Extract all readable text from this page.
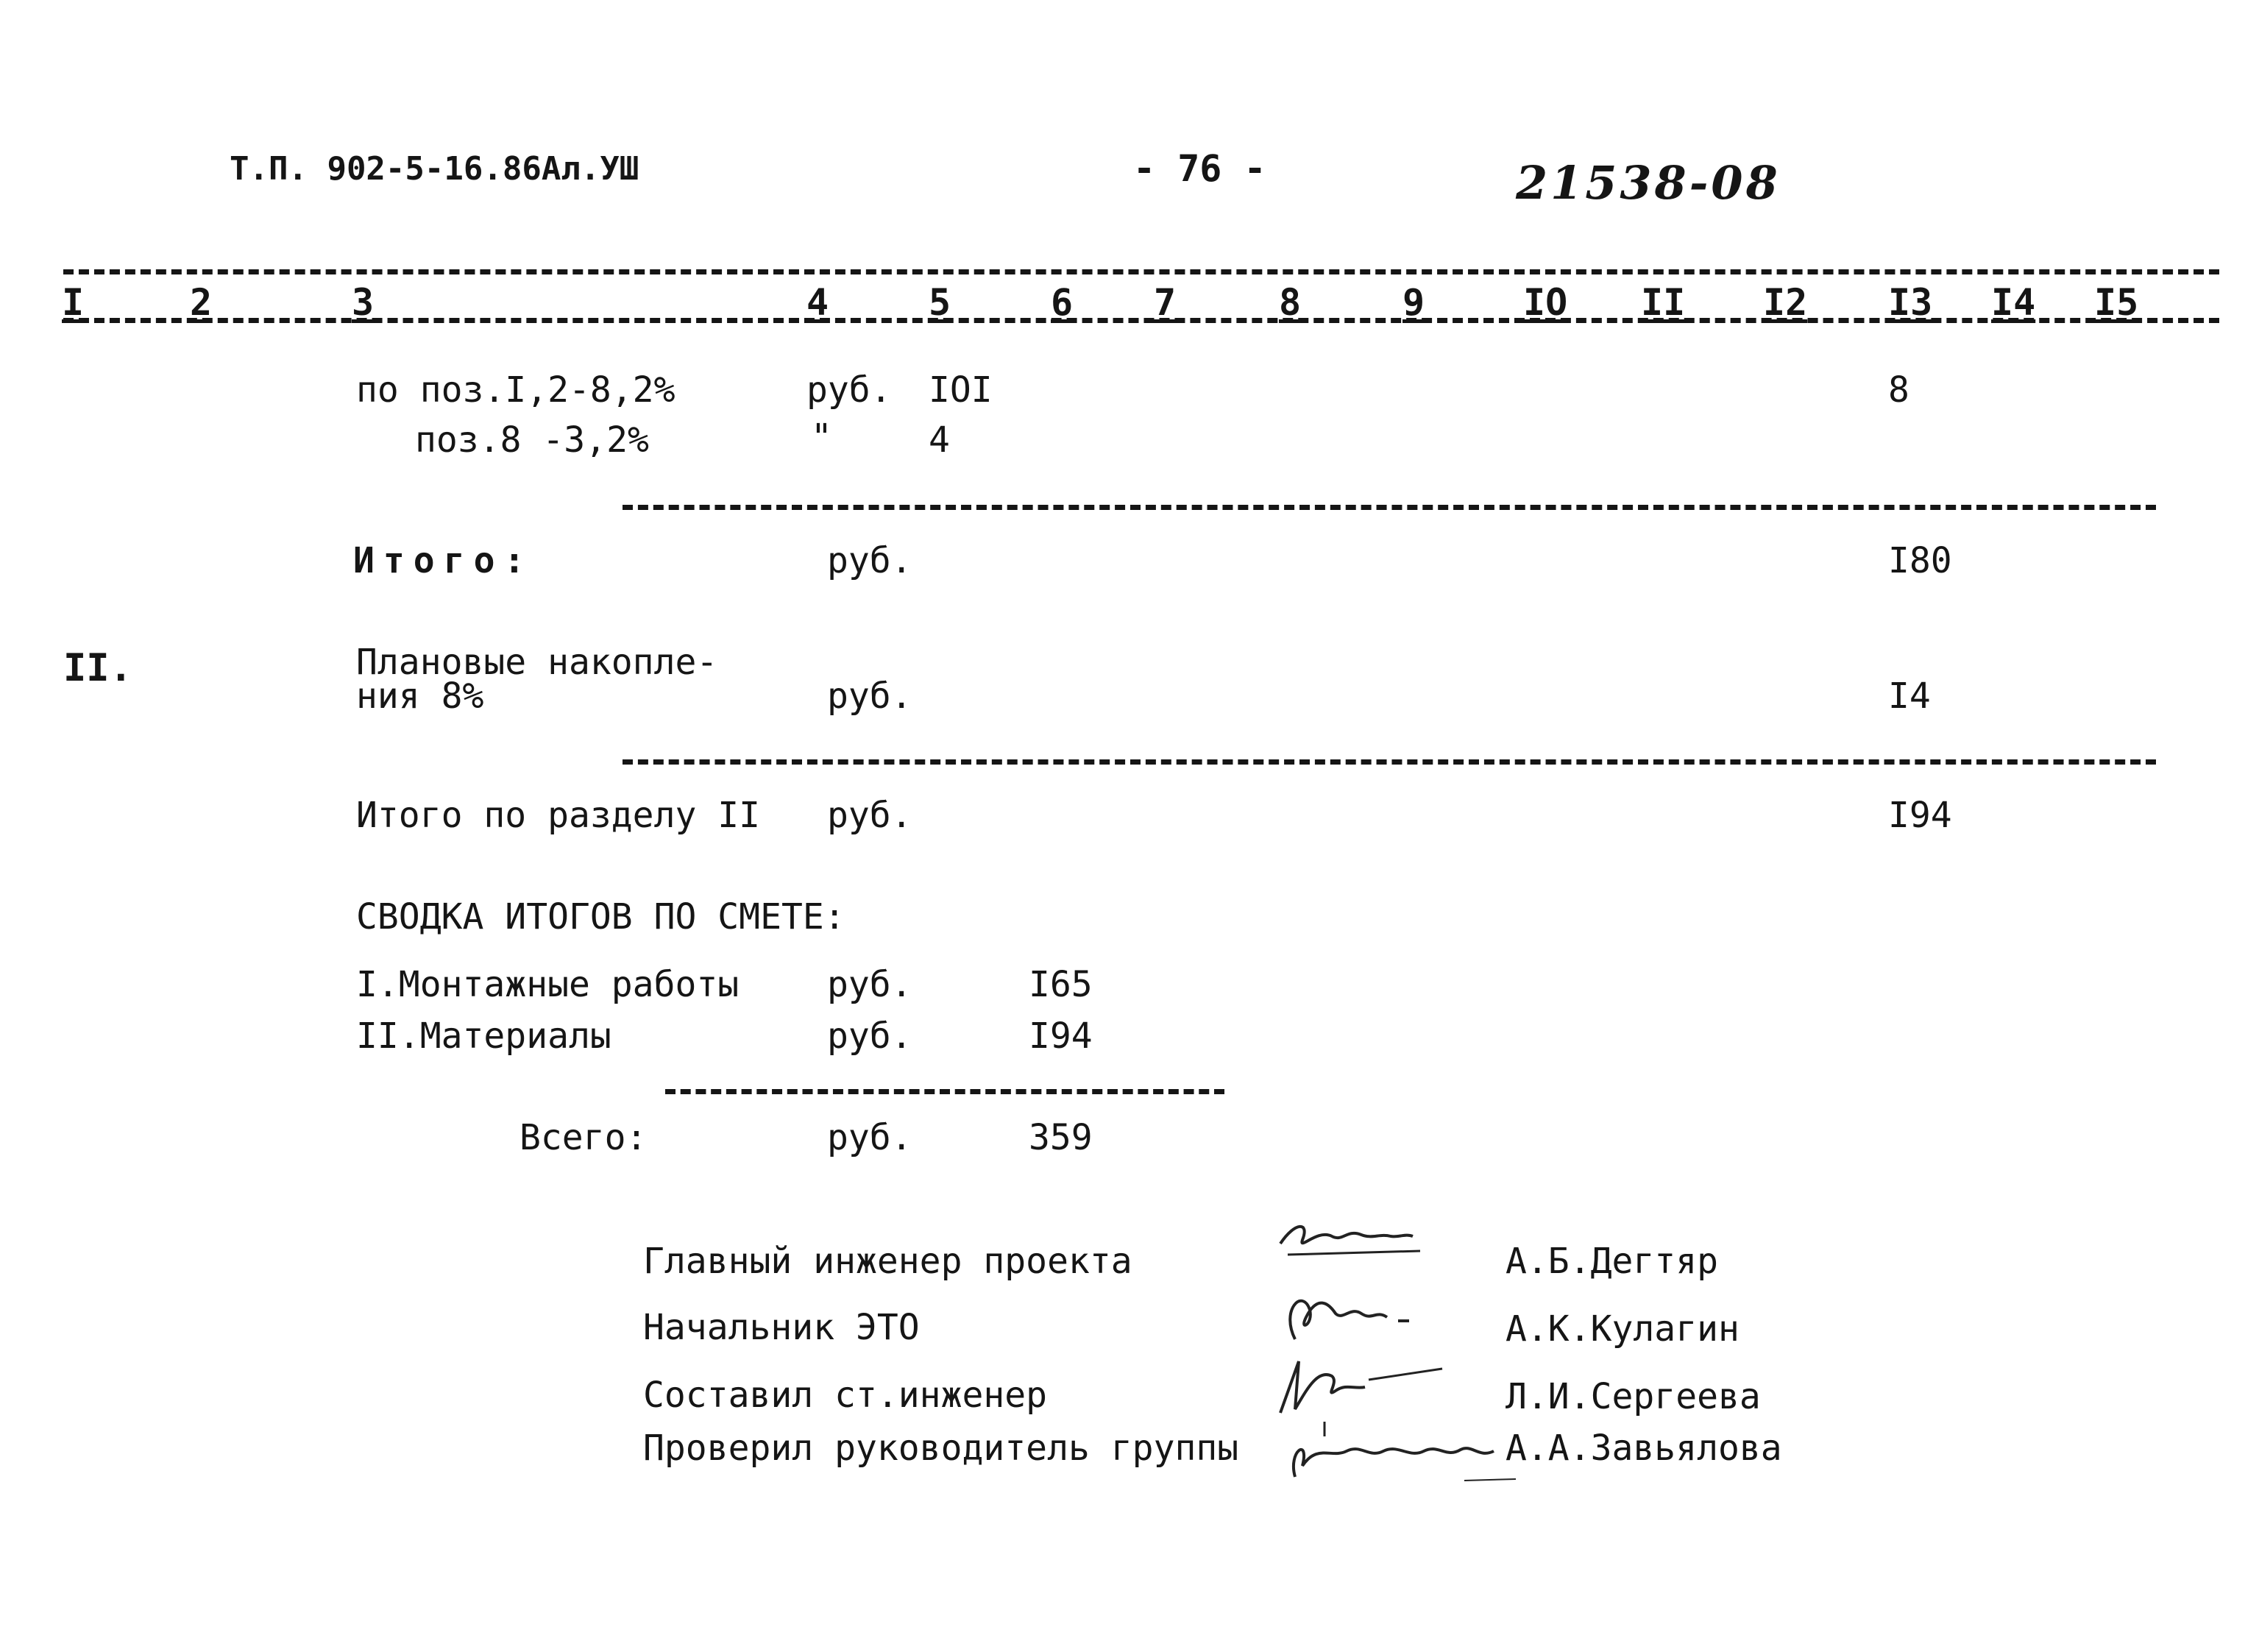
Т.П. 902-5-16.86Ал.УШ	- 76 -	21538-08
I	2	3	4	5	6 7	8	9	IO II I2 I3 I4 I5
по поз.I,2-8,2%	руб. IOI	8
поз.8 -3,2%	"	4
Итого:	руб.	I80
II.	Плановые накопле-
ния 8%	руб.	I4
Итого по разделу II руб.	I94
СВОДКА ИТОГОВ ПО СМЕТЕ:
I.Монтажные работы руб.	I65
II.Материалы	руб.	I94
Всего:	руб.	359
Главный инженер проекта	А.Б.Дегтяр
Начальник ЭТО	А.К.Кулагин
Составил ст.инженер	Л.И.Сергеева
Проверил руководитель группы	А.А.Завьялова
